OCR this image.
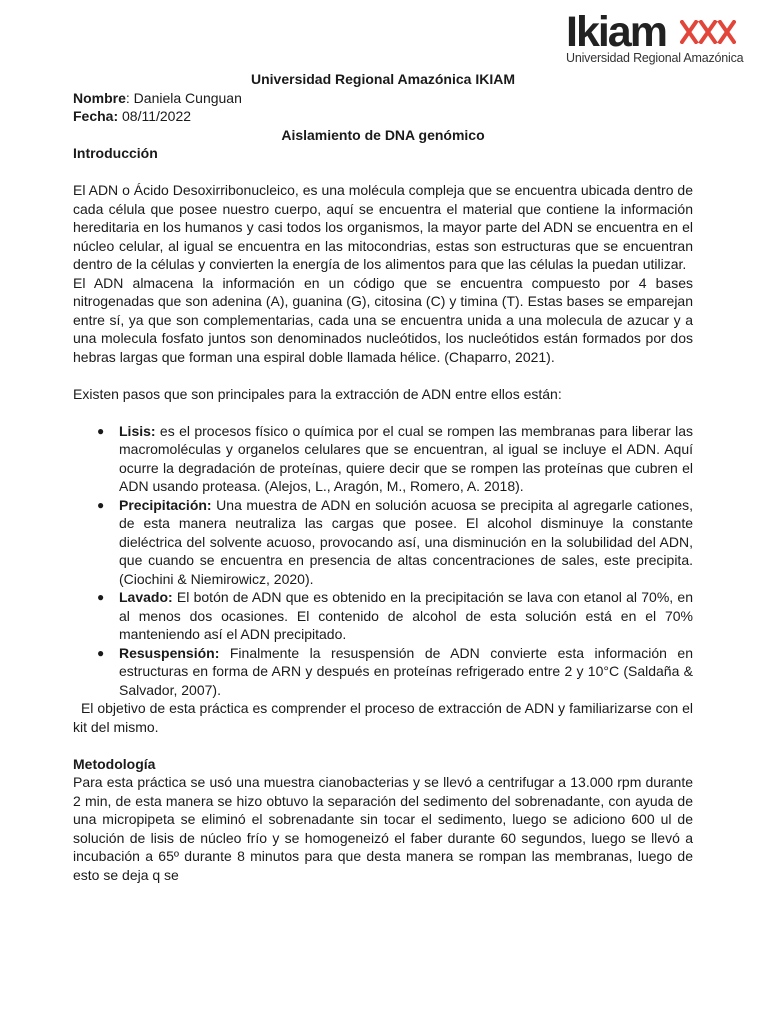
Ikiam
Universidad Regional Amazónica

Universidad Regional Amazónica IKIAM

Nombre: Daniela Cunguan

Fecha: 08/11/2022

Aislamiento de DNA genómico

Introducción

El ADN o Ácido Desoxirribonucleico, es una molécula compleja que se encuentra ubicada dentro de cada célula que posee nuestro cuerpo, aquí se encuentra el material que contiene la información hereditaria en los humanos y casi todos los organismos, la mayor parte del ADN se encuentra en el núcleo celular, al igual se encuentra en las mitocondrias, estas son estructuras que se encuentran dentro de la células y convierten la energía de los alimentos para que las células la puedan utilizar.

El ADN almacena la información en un código que se encuentra compuesto por 4 bases nitrogenadas que son adenina (A), guanina (G), citosina (C) y timina (T). Estas bases se emparejan entre sí, ya que son complementarias, cada una se encuentra unida a una molecula de azucar y a una molecula fosfato juntos son denominados nucleótidos, los nucleótidos están formados por dos hebras largas que forman una espiral doble llamada hélice. (Chaparro, 2021).

Existen pasos que son principales para la extracción de ADN entre ellos están:

● Lisis: es el procesos físico o química por el cual se rompen las membranas para liberar las macromoléculas y organelos celulares que se encuentran, al igual se incluye el ADN. Aquí ocurre la degradación de proteínas, quiere decir que se rompen las proteínas que cubren el ADN usando proteasa. (Alejos, L., Aragón, M., Romero, A. 2018).
● Precipitación: Una muestra de ADN en solución acuosa se precipita al agregarle cationes, de esta manera neutraliza las cargas que posee. El alcohol disminuye la constante dieléctrica del solvente acuoso, provocando así, una disminución en la solubilidad del ADN, que cuando se encuentra en presencia de altas concentraciones de sales, este precipita. (Ciochini & Niemirowicz, 2020).
● Lavado: El botón de ADN que es obtenido en la precipitación se lava con etanol al 70%, en al menos dos ocasiones. El contenido de alcohol de esta solución está en el 70% manteniendo así el ADN precipitado.
● Resuspensión: Finalmente la resuspensión de ADN convierte esta información en estructuras en forma de ARN y después en proteínas refrigerado entre 2 y 10°C (Saldaña & Salvador, 2007).

El objetivo de esta práctica es comprender el proceso de extracción de ADN y familiarizarse con el kit del mismo.

Metodología

Para esta práctica se usó una muestra cianobacterias y se llevó a centrifugar a 13.000 rpm durante 2 min, de esta manera se hizo obtuvo la separación del sedimento del sobrenadante, con ayuda de una micropipeta se eliminó el sobrenadante sin tocar el sedimento, luego se adiciono 600 ul de solución de lisis de núcleo frío y se homogeneizó el faber durante 60 segundos, luego se llevó a incubación a 65º durante 8 minutos para que desta manera se rompan las membranas, luego de esto se deja q se
